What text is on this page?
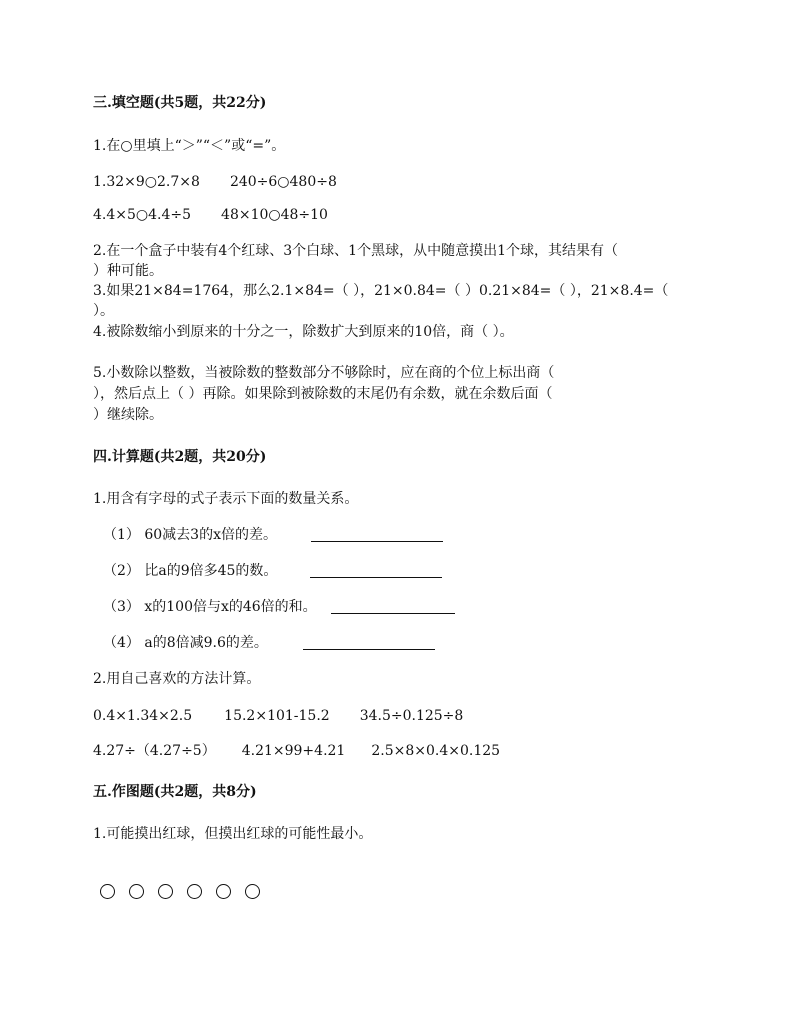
三.填空题(共5题，共22分)
1.在○里填上“＞”“＜”或“=”。
1.32×9○2.7×8 240÷6○480÷8
4.4×5○4.4÷5 48×10○48÷10
2.在一个盒子中装有4个红球、3个白球、1个黑球，从中随意摸出1个球，其结果有（
）种可能。
3.如果21×84=1764，那么2.1×84=（ ），21×0.84=（ ）0.21×84=（ ），21×8.4=（
）。
4.被除数缩小到原来的十分之一，除数扩大到原来的10倍，商（ ）。
5.小数除以整数，当被除数的整数部分不够除时，应在商的个位上标出商（
），然后点上（ ）再除。如果除到被除数的末尾仍有余数，就在余数后面（
）继续除。
四.计算题(共2题，共20分)
1.用含有字母的式子表示下面的数量关系。
（1） 60减去3的x倍的差。
（2） 比a的9倍多45的数。
（3） x的100倍与x的46倍的和。
（4） a的8倍减9.6的差。
2.用自己喜欢的方法计算。
0.4×1.34×2.5 15.2×101-15.2 34.5÷0.125÷8
4.27÷（4.27÷5） 4.21×99+4.21 2.5×8×0.4×0.125
五.作图题(共2题，共8分)
1.可能摸出红球，但摸出红球的可能性最小。
